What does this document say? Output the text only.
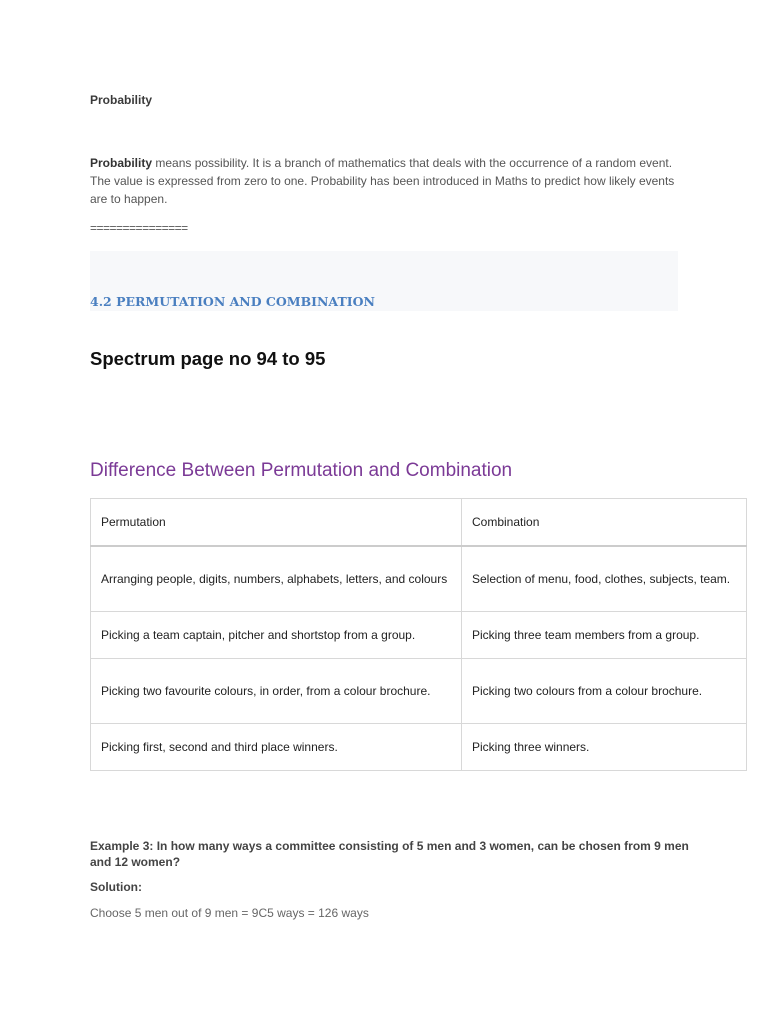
Probability
Probability means possibility. It is a branch of mathematics that deals with the occurrence of a random event. The value is expressed from zero to one. Probability has been introduced in Maths to predict how likely events are to happen.
===============
4.2 PERMUTATION AND COMBINATION
Spectrum page no 94 to 95
Difference Between Permutation and Combination
Permutation	Combination
Arranging people, digits, numbers, alphabets, letters, and colours	Selection of menu, food, clothes, subjects, team.
Picking a team captain, pitcher and shortstop from a group.	Picking three team members from a group.
Picking two favourite colours, in order, from a colour brochure.	Picking two colours from a colour brochure.
Picking first, second and third place winners.	Picking three winners.
Example 3: In how many ways a committee consisting of 5 men and 3 women, can be chosen from 9 men and 12 women?
Solution:
Choose 5 men out of 9 men = 9C5 ways = 126 ways
